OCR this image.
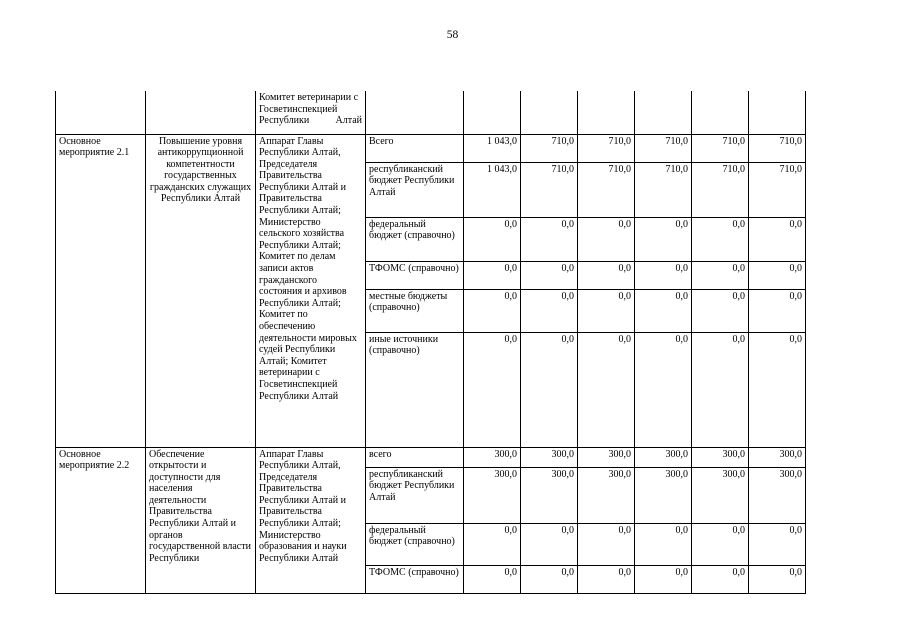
58

		Комитет ветеринарии с Госветинспекцией Республики Алтай							

Основное мероприятие 2.1	Повышение уровня антикоррупционной компетентности государственных гражданских служащих Республики Алтай	Аппарат Главы Республики Алтай, Председателя Правительства Республики Алтай и Правительства Республики Алтай; Министерство сельского хозяйства Республики Алтай; Комитет по делам записи актов гражданского состояния и архивов Республики Алтай; Комитет по обеспечению деятельности мировых судей Республики Алтай; Комитет ветеринарии с Госветинспекцией Республики Алтай	Всего	1 043,0	710,0	710,0	710,0	710,0	710,0
			республиканский бюджет Республики Алтай	1 043,0	710,0	710,0	710,0	710,0	710,0
			федеральный бюджет (справочно)	0,0	0,0	0,0	0,0	0,0	0,0
			ТФОМС (справочно)	0,0	0,0	0,0	0,0	0,0	0,0
			местные бюджеты (справочно)	0,0	0,0	0,0	0,0	0,0	0,0
			иные источники (справочно)	0,0	0,0	0,0	0,0	0,0	0,0
Основное мероприятие 2.2	Обеспечение открытости и доступности для населения деятельности Правительства Республики Алтай и органов государственной власти Республики	Аппарат Главы Республики Алтай, Председателя Правительства Республики Алтай и Правительства Республики Алтай; Министерство образования и науки Республики Алтай	всего	300,0	300,0	300,0	300,0	300,0	300,0
			республиканский бюджет Республики Алтай	300,0	300,0	300,0	300,0	300,0	300,0
			федеральный бюджет (справочно)	0,0	0,0	0,0	0,0	0,0	0,0
			ТФОМС (справочно)	0,0	0,0	0,0	0,0	0,0	0,0
